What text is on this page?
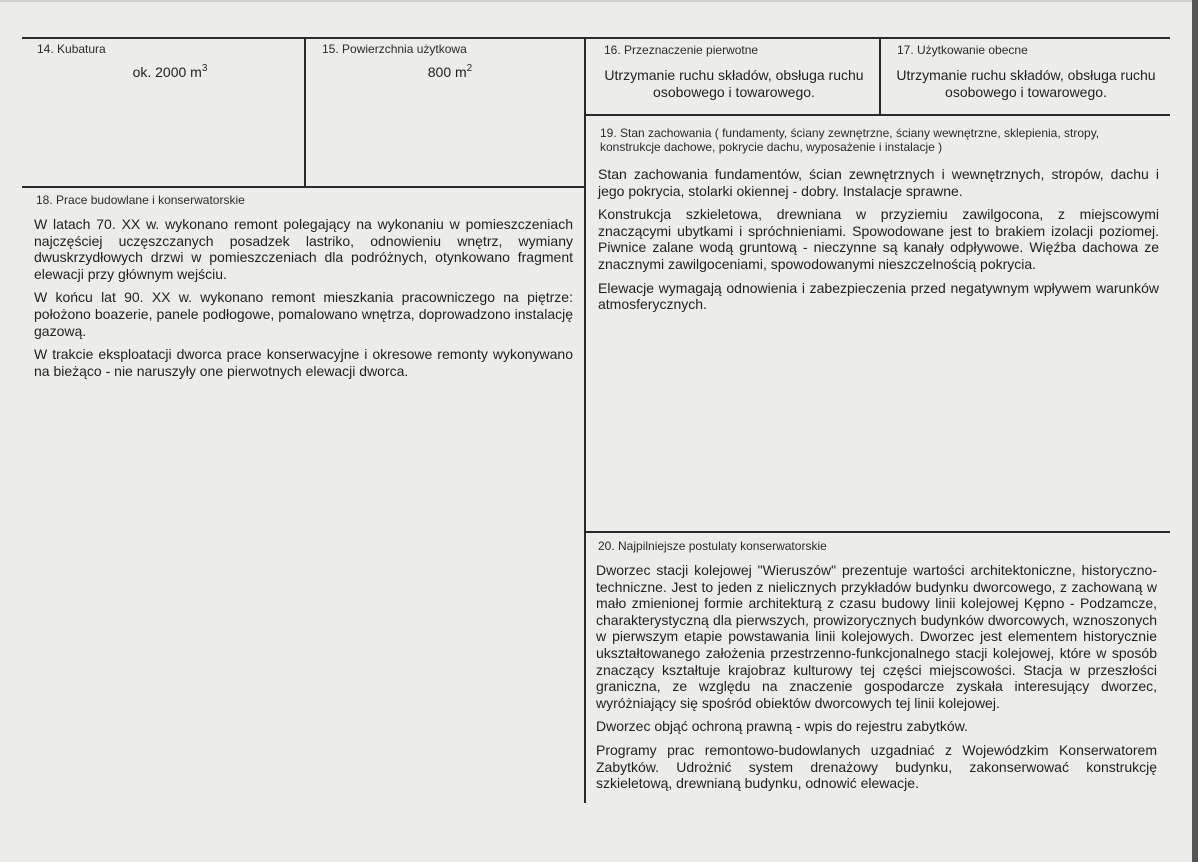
14. Kubatura
ok. 2000 $m^3$
15. Powierzchnia użytkowa
800 $m^2$
16. Przeznaczenie pierwotne
Utrzymanie ruchu składów, obsługa ruchu osobowego i towarowego.
17. Użytkowanie obecne
Utrzymanie ruchu składów, obsługa ruchu osobowego i towarowego.
18. Prace budowlane i konserwatorskie

W latach 70. XX w. wykonano remont polegający na wykonaniu w pomieszczeniach najczęściej uczęszczanych posadzek lastriko, odnowieniu wnętrz, wymiany dwuskrzydłowych drzwi w pomieszczeniach dla podróżnych, otynkowano fragment elewacji przy głównym wejściu.

W końcu lat 90. XX w. wykonano remont mieszkania pracowniczego na piętrze: położono boazerie, panele podłogowe, pomalowano wnętrza, doprowadzono instalację gazową.

W trakcie eksploatacji dworca prace konserwacyjne i okresowe remonty wykonywano na bieżąco - nie naruszyły one pierwotnych elewacji dworca.

19. Stan zachowania ( fundamenty, ściany zewnętrzne, ściany wewnętrzne, sklepienia, stropy, konstrukcje dachowe, pokrycie dachu, wyposażenie i instalacje )

Stan zachowania fundamentów, ścian zewnętrznych i wewnętrznych, stropów, dachu i jego pokrycia, stolarki okiennej - dobry. Instalacje sprawne.

Konstrukcja szkieletowa, drewniana w przyziemiu zawilgocona, z miejscowymi znaczącymi ubytkami i spróchnieniami. Spowodowane jest to brakiem izolacji poziomej. Piwnice zalane wodą gruntową - nieczynne są kanały odpływowe. Więźba dachowa ze znacznymi zawilgoceniami, spowodowanymi nieszczelnością pokrycia.

Elewacje wymagają odnowienia i zabezpieczenia przed negatywnym wpływem warunków atmosferycznych.

20. Najpilniejsze postulaty konserwatorskie

Dworzec stacji kolejowej "Wieruszów" prezentuje wartości architektoniczne, historyczno-techniczne. Jest to jeden z nielicznych przykładów budynku dworcowego, z zachowaną w mało zmienionej formie architekturą z czasu budowy linii kolejowej Kępno - Podzamcze, charakterystyczną dla pierwszych, prowizorycznych budynków dworcowych, wznoszonych w pierwszym etapie powstawania linii kolejowych. Dworzec jest elementem historycznie ukształtowanego założenia przestrzenno-funkcjonalnego stacji kolejowej, które w sposób znaczący kształtuje krajobraz kulturowy tej części miejscowości. Stacja w przeszłości graniczna, ze względu na znaczenie gospodarcze zyskała interesujący dworzec, wyróżniający się spośród obiektów dworcowych tej linii kolejowej.

Dworzec objąć ochroną prawną - wpis do rejestru zabytków.

Programy prac remontowo-budowlanych uzgadniać z Wojewódzkim Konserwatorem Zabytków. Udrożnić system drenażowy budynku, zakonserwować konstrukcję szkieletową, drewnianą budynku, odnowić elewacje.
